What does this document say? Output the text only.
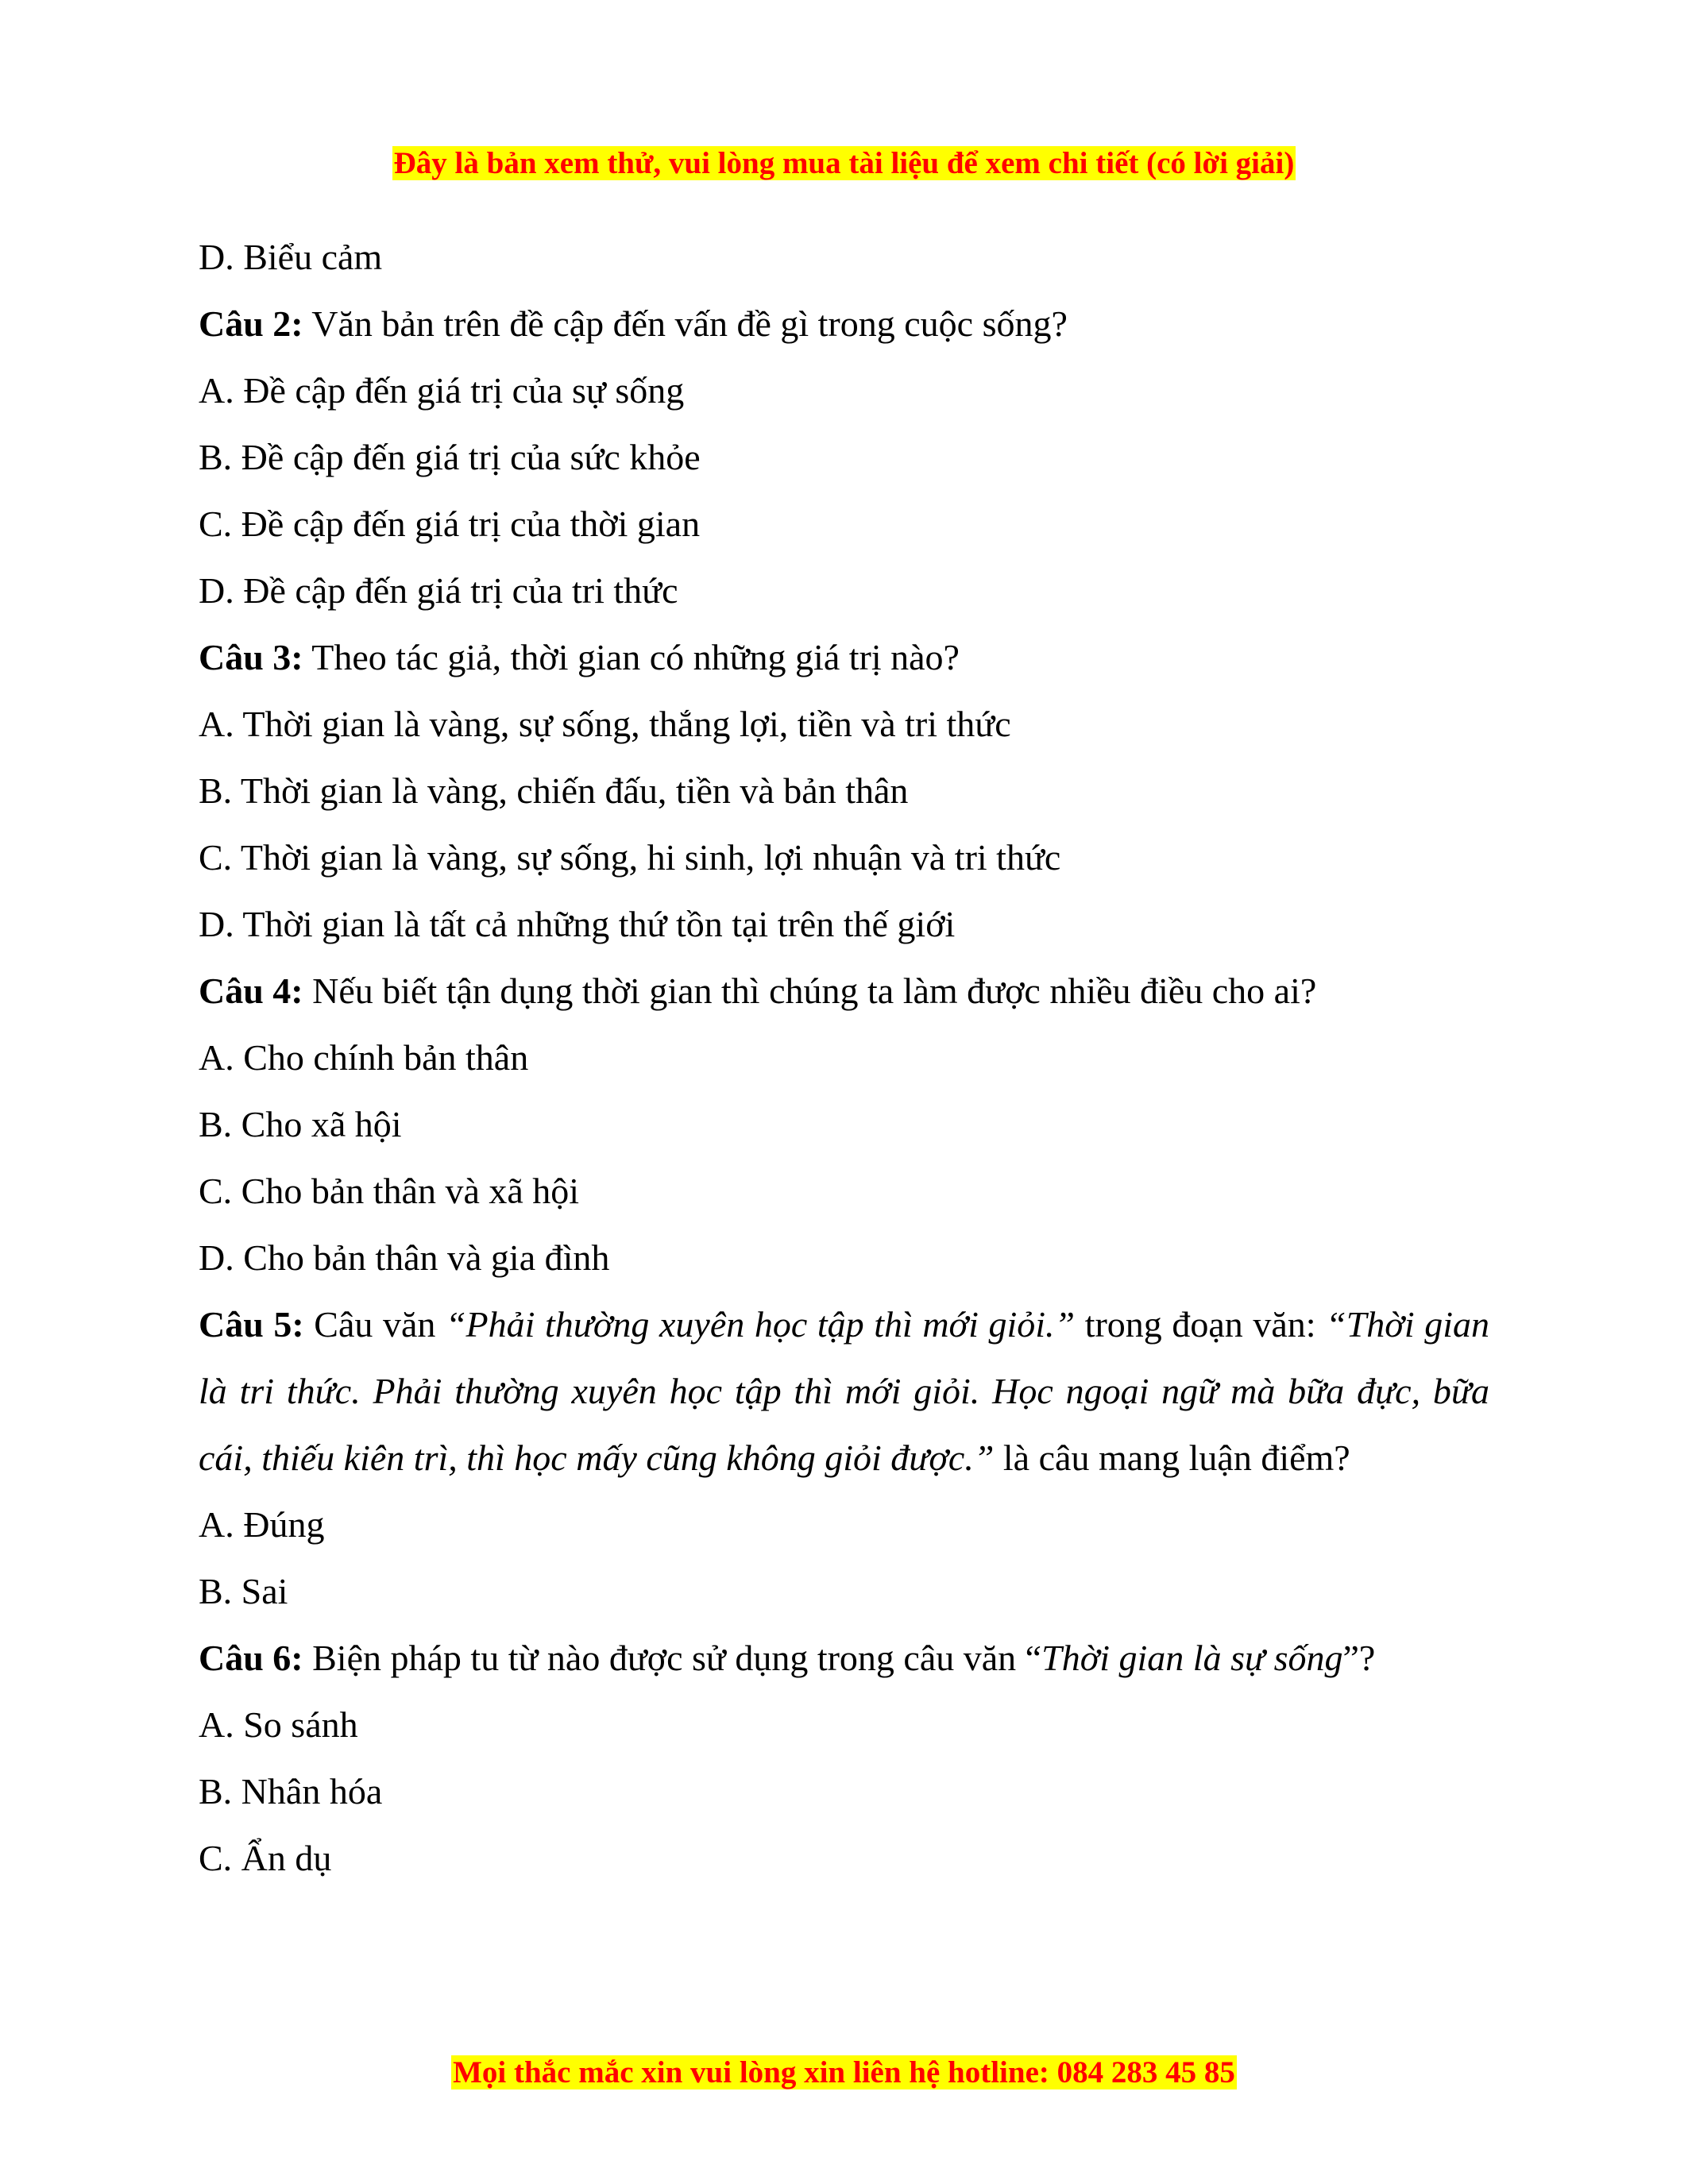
Đây là bản xem thử, vui lòng mua tài liệu để xem chi tiết (có lời giải)

D. Biểu cảm

Câu 2: Văn bản trên đề cập đến vấn đề gì trong cuộc sống?

A. Đề cập đến giá trị của sự sống

B. Đề cập đến giá trị của sức khỏe

C. Đề cập đến giá trị của thời gian

D. Đề cập đến giá trị của tri thức

Câu 3: Theo tác giả, thời gian có những giá trị nào?

A. Thời gian là vàng, sự sống, thắng lợi, tiền và tri thức

B. Thời gian là vàng, chiến đấu, tiền và bản thân

C. Thời gian là vàng, sự sống, hi sinh, lợi nhuận và tri thức

D. Thời gian là tất cả những thứ tồn tại trên thế giới

Câu 4: Nếu biết tận dụng thời gian thì chúng ta làm được nhiều điều cho ai?

A. Cho chính bản thân

B. Cho xã hội

C. Cho bản thân và xã hội

D. Cho bản thân và gia đình

Câu 5: Câu văn “Phải thường xuyên học tập thì mới giỏi.” trong đoạn văn: “Thời gian là tri thức. Phải thường xuyên học tập thì mới giỏi. Học ngoại ngữ mà bữa đực, bữa cái, thiếu kiên trì, thì học mấy cũng không giỏi được.” là câu mang luận điểm?

A. Đúng

B. Sai

Câu 6: Biện pháp tu từ nào được sử dụng trong câu văn “Thời gian là sự sống”?

A. So sánh

B. Nhân hóa

C. Ẩn dụ

Mọi thắc mắc xin vui lòng xin liên hệ hotline: 084 283 45 85
